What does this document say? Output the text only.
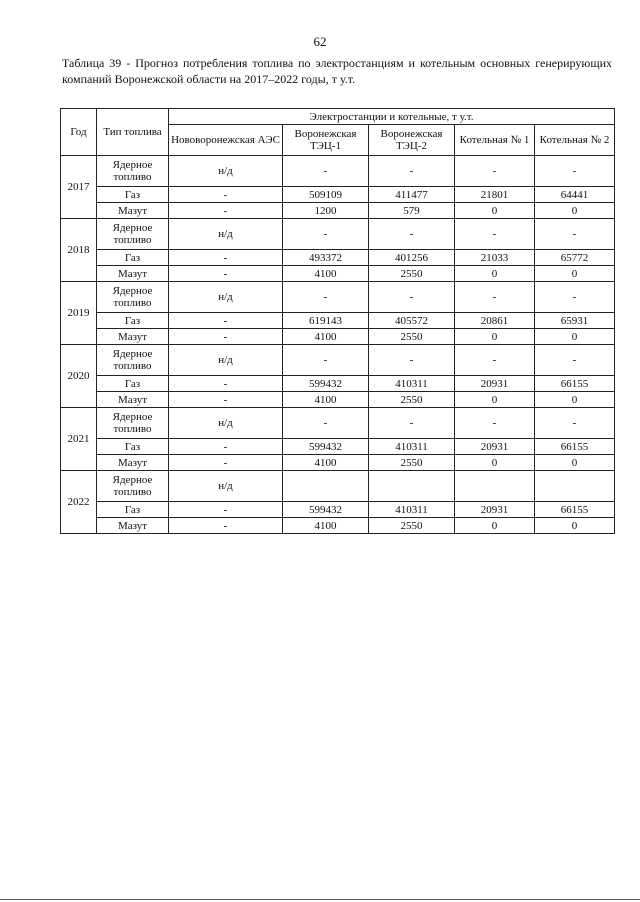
62
Таблица 39 - Прогноз потребления топлива по электростанциям и котельным основных генерирующих компаний Воронежской области на 2017–2022 годы, т у.т.
Год	Тип топлива	Электростанции и котельные, т у.т.				
		Нововоронежская АЭС	Воронежская ТЭЦ-1	Воронежская ТЭЦ-2	Котельная № 1	Котельная № 2
2017	Ядерное топливо	н/д	-	-	-	-
	Газ	-	509109	411477	21801	64441
	Мазут	-	1200	579	0	0
2018	Ядерное топливо	н/д	-	-	-	-
	Газ	-	493372	401256	21033	65772
	Мазут	-	4100	2550	0	0
2019	Ядерное топливо	н/д	-	-	-	-
	Газ	-	619143	405572	20861	65931
	Мазут	-	4100	2550	0	0
2020	Ядерное топливо	н/д	-	-	-	-
	Газ	-	599432	410311	20931	66155
	Мазут	-	4100	2550	0	0
2021	Ядерное топливо	н/д	-	-	-	-
	Газ	-	599432	410311	20931	66155
	Мазут	-	4100	2550	0	0
2022	Ядерное топливо	н/д				
	Газ	-	599432	410311	20931	66155
	Мазут	-	4100	2550	0	0
